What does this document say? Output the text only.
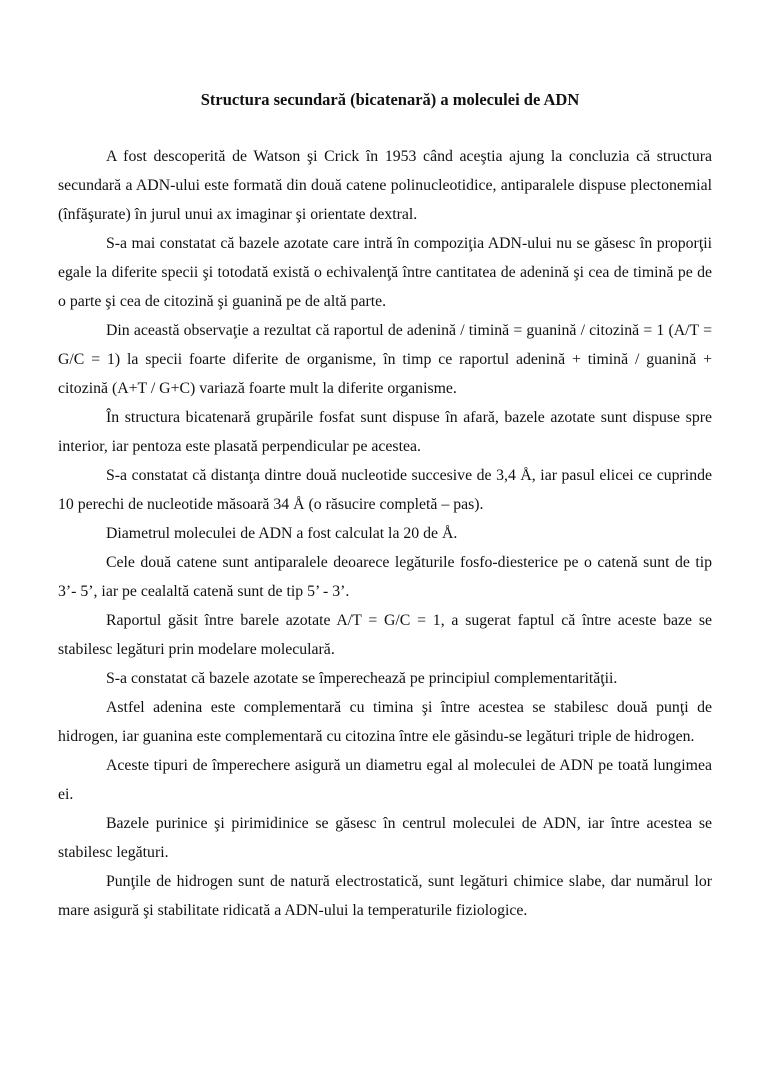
Structura secundară (bicatenară) a moleculei de ADN

A fost descoperită de Watson şi Crick în 1953 când aceştia ajung la concluzia că structura secundară a ADN-ului este formată din două catene polinucleotidice, antiparalele dispuse plectonemial (înfăşurate) în jurul unui ax imaginar şi orientate dextral.

S-a mai constatat că bazele azotate care intră în compoziţia ADN-ului nu se găsesc în proporţii egale la diferite specii şi totodată există o echivalenţă între cantitatea de adenină şi cea de timină pe de o parte şi cea de citozină şi guanină pe de altă parte.

Din această observaţie a rezultat că raportul de adenină / timină = guanină / citozină = 1 (A/T = G/C = 1) la specii foarte diferite de organisme, în timp ce raportul adenină + timină / guanină + citozină (A+T / G+C) variază foarte mult la diferite organisme.

În structura bicatenară grupările fosfat sunt dispuse în afară, bazele azotate sunt dispuse spre interior, iar pentoza este plasată perpendicular pe acestea.

S-a constatat că distanţa dintre două nucleotide succesive de 3,4 Å, iar pasul elicei ce cuprinde 10 perechi de nucleotide măsoară 34 Å (o răsucire completă – pas).

Diametrul moleculei de ADN a fost calculat la 20 de Å.

Cele două catene sunt antiparalele deoarece legăturile fosfo-diesterice pe o catenă sunt de tip 3’- 5’, iar pe cealaltă catenă sunt de tip 5’ - 3’.

Raportul găsit între barele azotate A/T = G/C = 1, a sugerat faptul că între aceste baze se stabilesc legături prin modelare moleculară.

S-a constatat că bazele azotate se împerechează pe principiul complementarităţii.

Astfel adenina este complementară cu timina şi între acestea se stabilesc două punţi de hidrogen, iar guanina este complementară cu citozina între ele găsindu-se legături triple de hidrogen.

Aceste tipuri de împerechere asigură un diametru egal al moleculei de ADN pe toată lungimea ei.

Bazele purinice şi pirimidinice se găsesc în centrul moleculei de ADN, iar între acestea se stabilesc legături.

Punţile de hidrogen sunt de natură electrostatică, sunt legături chimice slabe, dar numărul lor mare asigură şi stabilitate ridicată a ADN-ului la temperaturile fiziologice.
